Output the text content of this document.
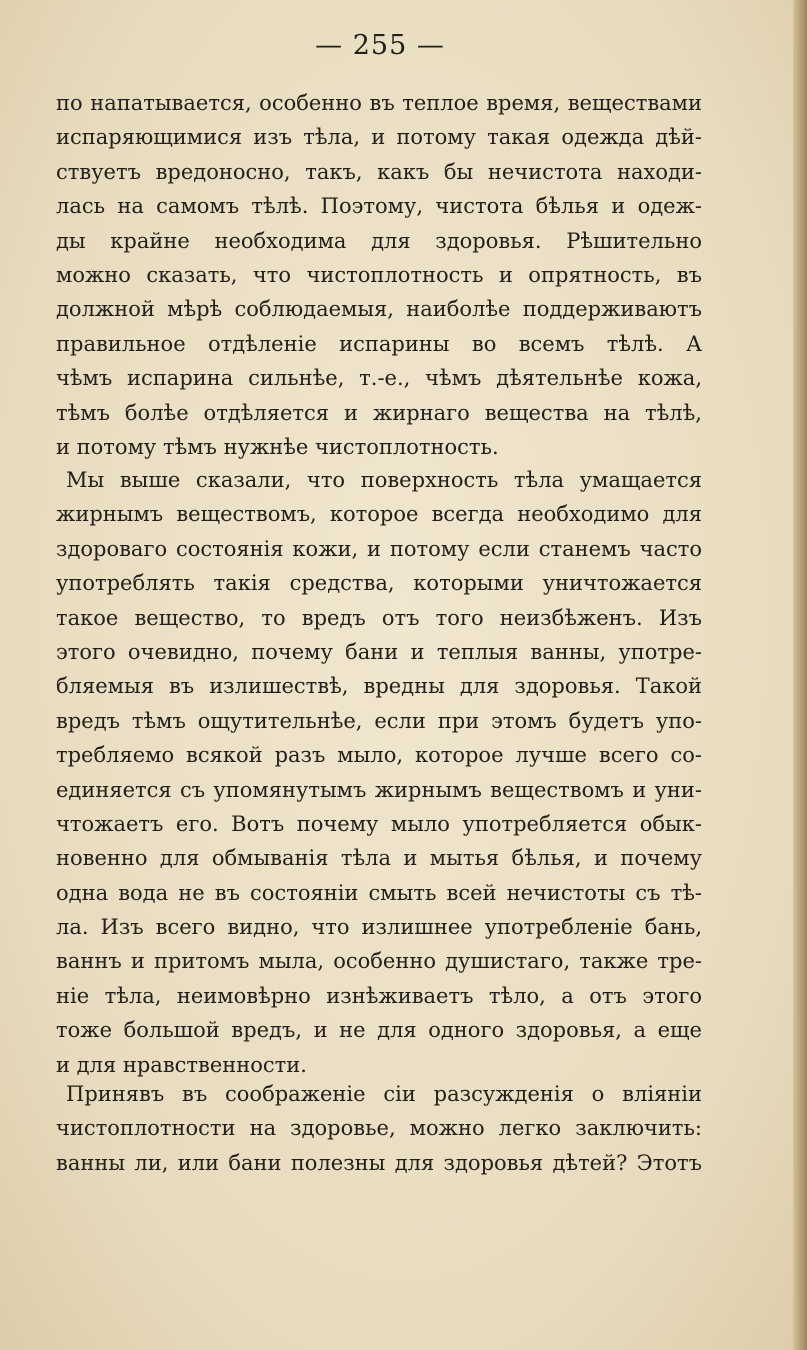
— 255 —
по напатывается, особенно въ теплое время, веществами
испаряющимися изъ тѣла, и потому такая одежда дѣй-
ствуетъ вредоносно, такъ, какъ бы нечистота находи-
лась на самомъ тѣлѣ. Поэтому, чистота бѣлья и одеж-
ды крайне необходима для здоровья. Рѣшительно
можно сказать, что чистоплотность и опрятность, въ
должной мѣрѣ соблюдаемыя, наиболѣе поддерживаютъ
правильное отдѣленіе испарины во всемъ тѣлѣ. А
чѣмъ испарина сильнѣе, т.-е., чѣмъ дѣятельнѣе кожа,
тѣмъ болѣе отдѣляется и жирнаго вещества на тѣлѣ,
и потому тѣмъ нужнѣе чистоплотность.
Мы выше сказали, что поверхность тѣла умащается
жирнымъ веществомъ, которое всегда необходимо для
здороваго состоянія кожи, и потому если станемъ часто
употреблять такія средства, которыми уничтожается
такое вещество, то вредъ отъ того неизбѣженъ. Изъ
этого очевидно, почему бани и теплыя ванны, употре-
бляемыя въ излишествѣ, вредны для здоровья. Такой
вредъ тѣмъ ощутительнѣе, если при этомъ будетъ упо-
требляемо всякой разъ мыло, которое лучше всего со-
единяется съ упомянутымъ жирнымъ веществомъ и уни-
чтожаетъ его. Вотъ почему мыло употребляется обык-
новенно для обмыванія тѣла и мытья бѣлья, и почему
одна вода не въ состояніи смыть всей нечистоты съ тѣ-
ла. Изъ всего видно, что излишнее употребленіе бань,
ваннъ и притомъ мыла, особенно душистаго, также тре-
ніе тѣла, неимовѣрно изнѣживаетъ тѣло, а отъ этого
тоже большой вредъ, и не для одного здоровья, а еще
и для нравственности.
Принявъ въ соображеніе сіи разсужденія о вліяніи
чистоплотности на здоровье, можно легко заключить:
ванны ли, или бани полезны для здоровья дѣтей? Этотъ
